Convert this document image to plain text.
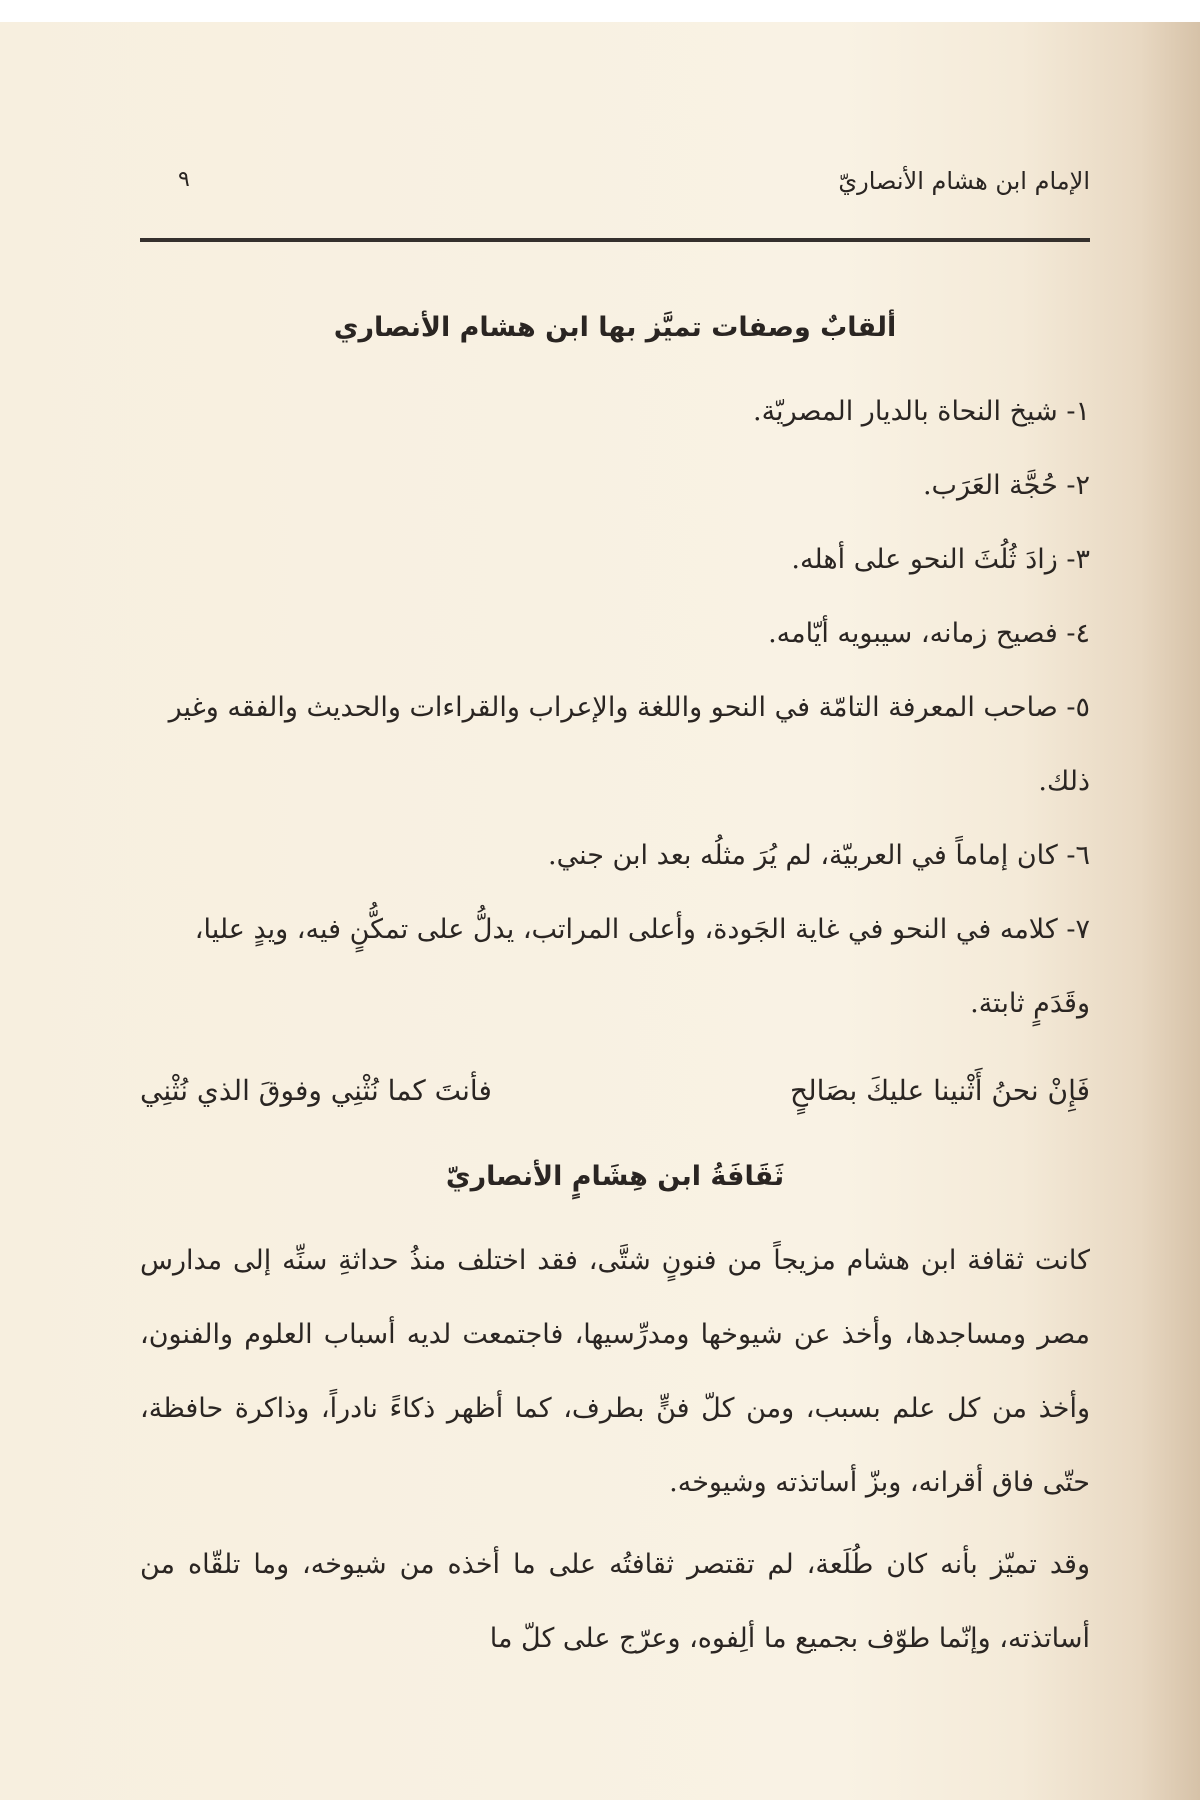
الإمام ابن هشام الأنصاريّ
٩
ألقابٌ وصفات تميَّز بها ابن هشام الأنصاري

١- شيخ النحاة بالديار المصريّة.

٢- حُجَّة العَرَب.

٣- زادَ ثُلُثَ النحو على أهله.

٤- فصيح زمانه، سيبويه أيّامه.

٥- صاحب المعرفة التامّة في النحو واللغة والإعراب والقراءات والحديث والفقه وغير ذلك.

٦- كان إماماً في العربيّة، لم يُرَ مثلُه بعد ابن جني.

٧- كلامه في النحو في غاية الجَودة، وأعلى المراتب، يدلُّ على تمكُّنٍ فيه، ويدٍ عليا، وقَدَمٍ ثابتة.

فَإِنْ نحنُ أَثْنينا عليكَ بصَالحٍ
فأنتَ كما نُثْنِي وفوقَ الذي نُثْنِي
ثَقَافَةُ ابن هِشَامٍ الأنصاريّ

كانت ثقافة ابن هشام مزيجاً من فنونٍ شتَّى، فقد اختلف منذُ حداثةِ سنِّه إلى مدارس مصر ومساجدها، وأخذ عن شيوخها ومدرِّسيها، فاجتمعت لديه أسباب العلوم والفنون، وأخذ من كل علم بسبب، ومن كلّ فنٍّ بطرف، كما أظهر ذكاءً نادراً، وذاكرة حافظة، حتّى فاق أقرانه، وبزّ أساتذته وشيوخه.

وقد تميّز بأنه كان طُلَعة، لم تقتصر ثقافتُه على ما أخذه من شيوخه، وما تلقّاه من أساتذته، وإنّما طوّف بجميع ما ألِفوه، وعرّج على كلّ ما
